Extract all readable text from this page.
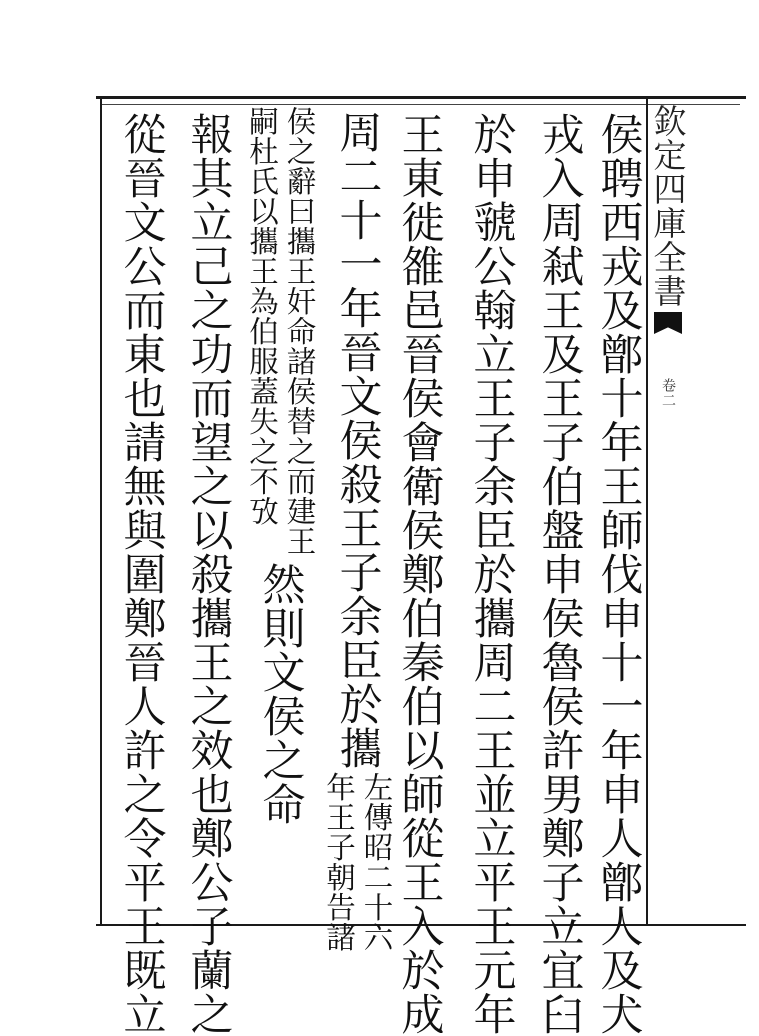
欽定四庫全書
卷二
侯聘西戎及鄫十年王師伐申十一年申人鄫人及犬
戎入周弒王及王子伯盤申侯魯侯許男鄭子立宜臼
於申虢公翰立王子余臣於攜周二王並立平王元年
王東徙雒邑晉侯會衛侯鄭伯秦伯以師從王入於成
周二十一年晉文侯殺王子余臣於攜
左傳昭二十六
年王子朝告諸
侯之辭曰攜王奸命諸侯替之而建王
嗣杜氏以攜王為伯服蓋失之不攷
然則文侯之命
報其立己之功而望之以殺攜王之效也鄭公子蘭之
從晉文公而東也請無與圍鄭晉人許之令平王既立
